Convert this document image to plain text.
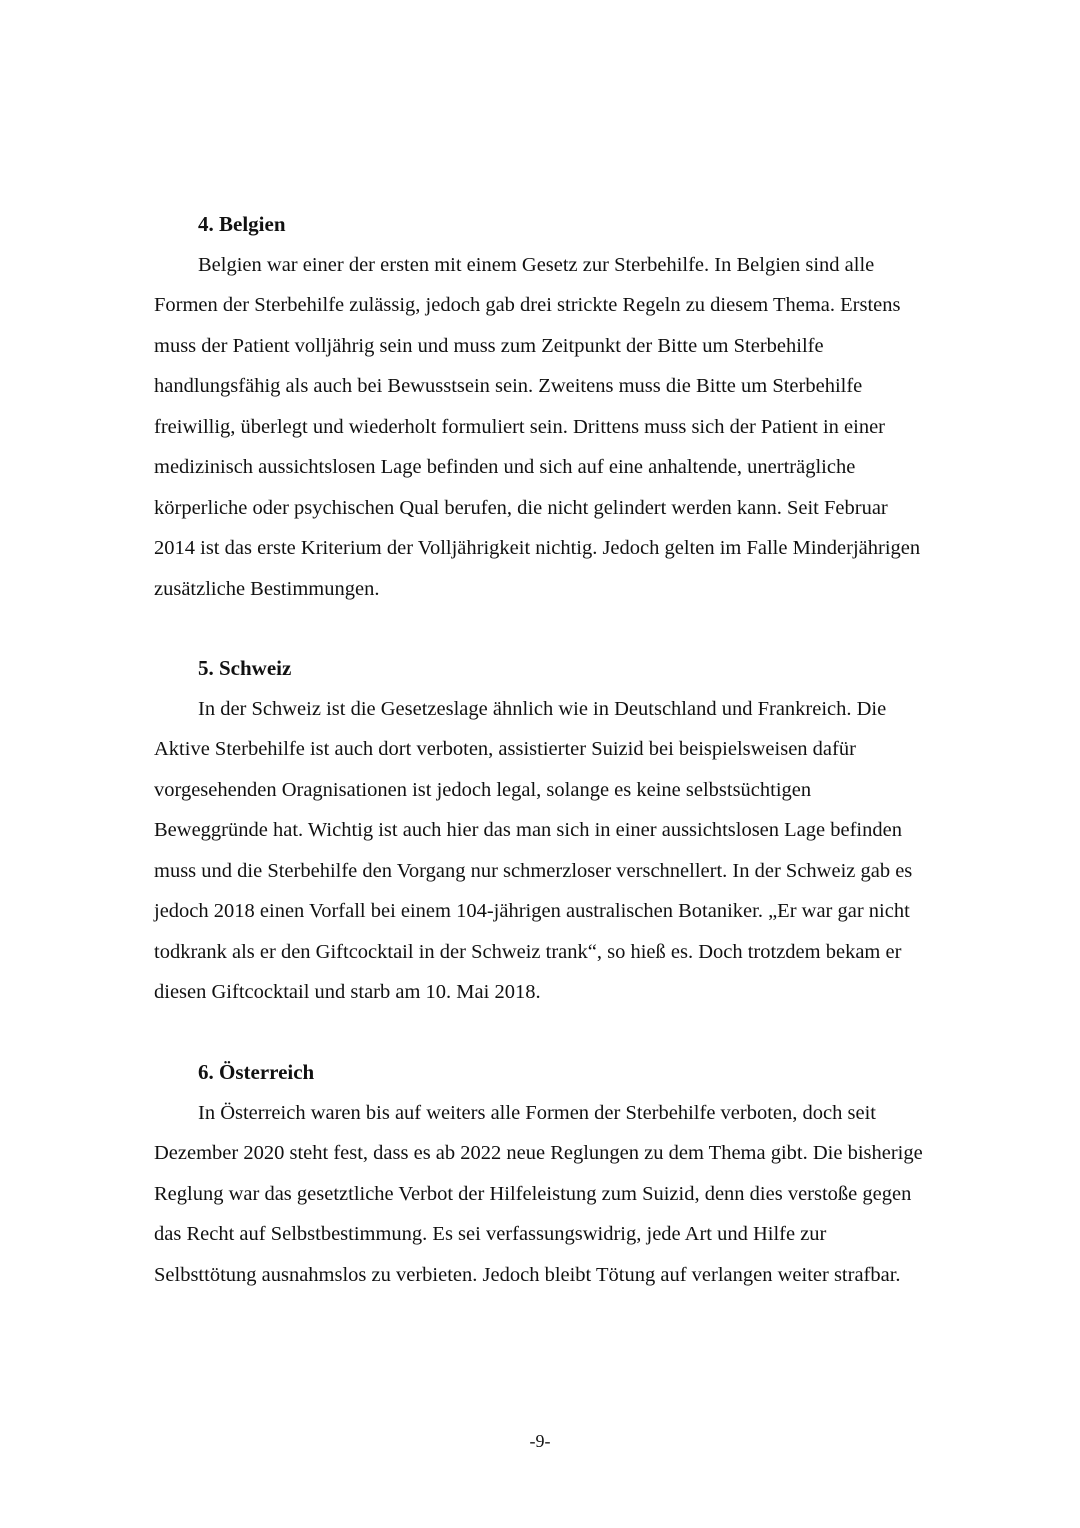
4. Belgien

Belgien war einer der ersten mit einem Gesetz zur Sterbehilfe. In Belgien sind alle
Formen der Sterbehilfe zulässig, jedoch gab drei strickte Regeln zu diesem Thema. Erstens
muss der Patient volljährig sein und muss zum Zeitpunkt der Bitte um Sterbehilfe
handlungsfähig als auch bei Bewusstsein sein. Zweitens muss die Bitte um Sterbehilfe
freiwillig, überlegt und wiederholt formuliert sein. Drittens muss sich der Patient in einer
medizinisch aussichtslosen Lage befinden und sich auf eine anhaltende, unerträgliche
körperliche oder psychischen Qual berufen, die nicht gelindert werden kann. Seit Februar
2014 ist das erste Kriterium der Volljährigkeit nichtig. Jedoch gelten im Falle Minderjährigen
zusätzliche Bestimmungen.

5. Schweiz

In der Schweiz ist die Gesetzeslage ähnlich wie in Deutschland und Frankreich. Die
Aktive Sterbehilfe ist auch dort verboten, assistierter Suizid bei beispielsweisen dafür
vorgesehenden Oragnisationen ist jedoch legal, solange es keine selbstsüchtigen
Beweggründe hat. Wichtig ist auch hier das man sich in einer aussichtslosen Lage befinden
muss und die Sterbehilfe den Vorgang nur schmerzloser verschnellert. In der Schweiz gab es
jedoch 2018 einen Vorfall bei einem 104-jährigen australischen Botaniker. „Er war gar nicht
todkrank als er den Giftcocktail in der Schweiz trank“, so hieß es. Doch trotzdem bekam er
diesen Giftcocktail und starb am 10. Mai 2018.

6. Österreich

In Österreich waren bis auf weiters alle Formen der Sterbehilfe verboten, doch seit
Dezember 2020 steht fest, dass es ab 2022 neue Reglungen zu dem Thema gibt. Die bisherige
Reglung war das gesetztliche Verbot der Hilfeleistung zum Suizid, denn dies verstoße gegen
das Recht auf Selbstbestimmung. Es sei verfassungswidrig, jede Art und Hilfe zur
Selbsttötung ausnahmslos zu verbieten. Jedoch bleibt Tötung auf verlangen weiter strafbar.

-9-
